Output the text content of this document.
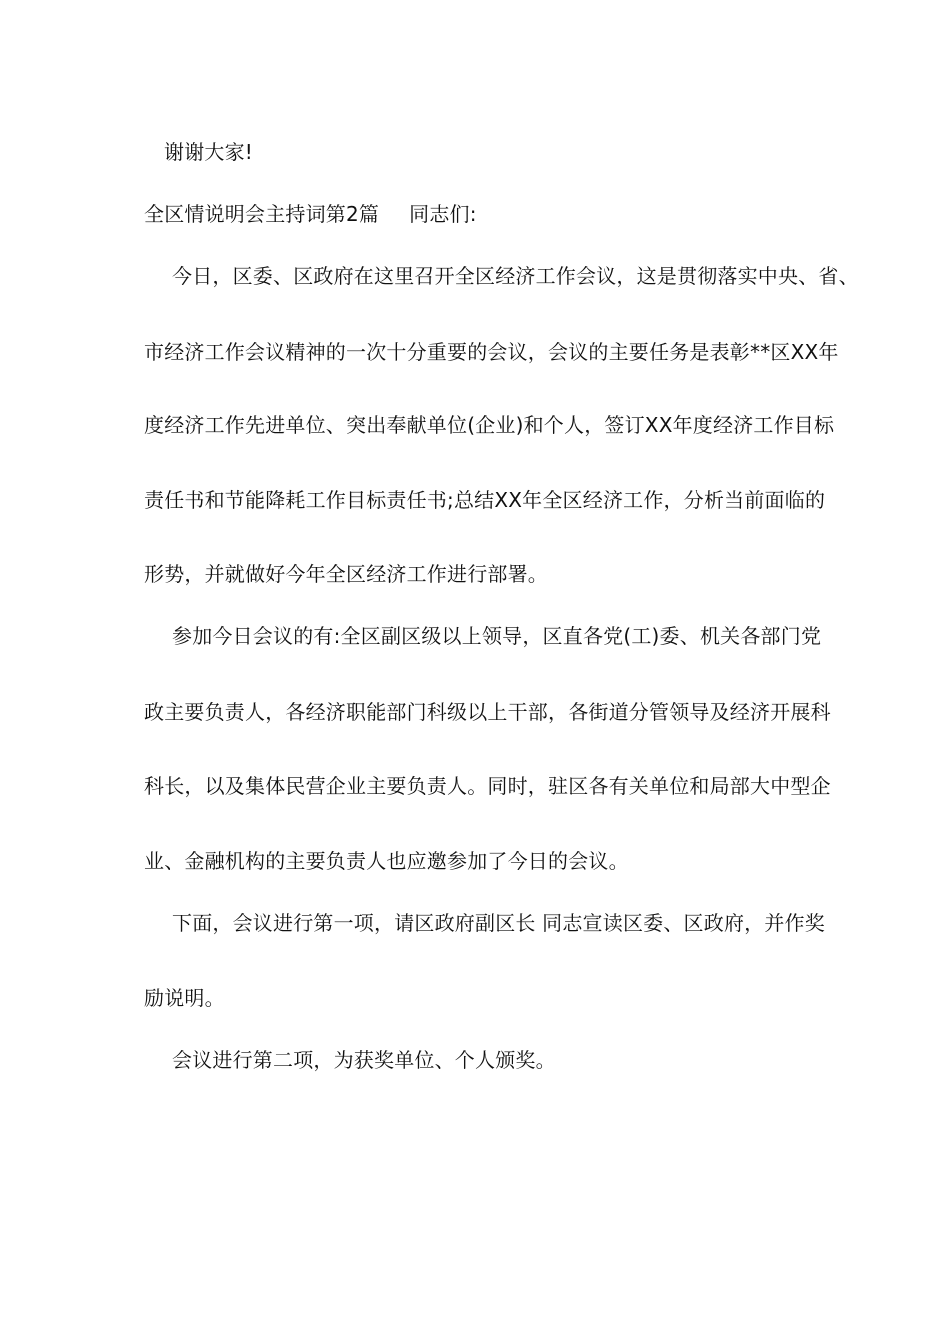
谢谢大家!
全区情说明会主持词第2篇 同志们:
今日，区委、区政府在这里召开全区经济工作会议，这是贯彻落实中央、省、
市经济工作会议精神的一次十分重要的会议，会议的主要任务是表彰**区XX年
度经济工作先进单位、突出奉献单位(企业)和个人，签订XX年度经济工作目标
责任书和节能降耗工作目标责任书;总结XX年全区经济工作，分析当前面临的
形势，并就做好今年全区经济工作进行部署。
参加今日会议的有:全区副区级以上领导，区直各党(工)委、机关各部门党
政主要负责人，各经济职能部门科级以上干部，各街道分管领导及经济开展科
科长，以及集体民营企业主要负责人。同时，驻区各有关单位和局部大中型企
业、金融机构的主要负责人也应邀参加了今日的会议。
下面，会议进行第一项，请区政府副区长 同志宣读区委、区政府，并作奖
励说明。
会议进行第二项，为获奖单位、个人颁奖。
